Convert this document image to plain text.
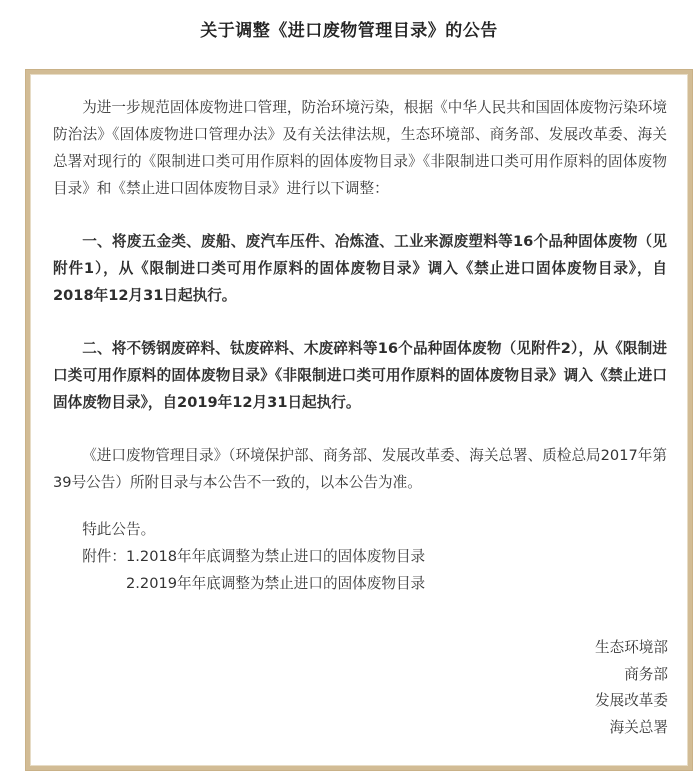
关于调整《进口废物管理目录》的公告

为进一步规范固体废物进口管理，防治环境污染，根据《中华人民共和国固体废物污染环境防治法》《固体废物进口管理办法》及有关法律法规，生态环境部、商务部、发展改革委、海关总署对现行的《限制进口类可用作原料的固体废物目录》《非限制进口类可用作原料的固体废物目录》和《禁止进口固体废物目录》进行以下调整：

一、将废五金类、废船、废汽车压件、冶炼渣、工业来源废塑料等16个品种固体废物（见附件1），从《限制进口类可用作原料的固体废物目录》调入《禁止进口固体废物目录》，自2018年12月31日起执行。

二、将不锈钢废碎料、钛废碎料、木废碎料等16个品种固体废物（见附件2），从《限制进口类可用作原料的固体废物目录》《非限制进口类可用作原料的固体废物目录》调入《禁止进口固体废物目录》，自2019年12月31日起执行。

《进口废物管理目录》（环境保护部、商务部、发展改革委、海关总署、质检总局2017年第39号公告）所附目录与本公告不一致的，以本公告为准。

特此公告。

附件： 1.2018年年底调整为禁止进口的固体废物目录
2.2019年年底调整为禁止进口的固体废物目录
生态环境部
商务部
发展改革委
海关总署
